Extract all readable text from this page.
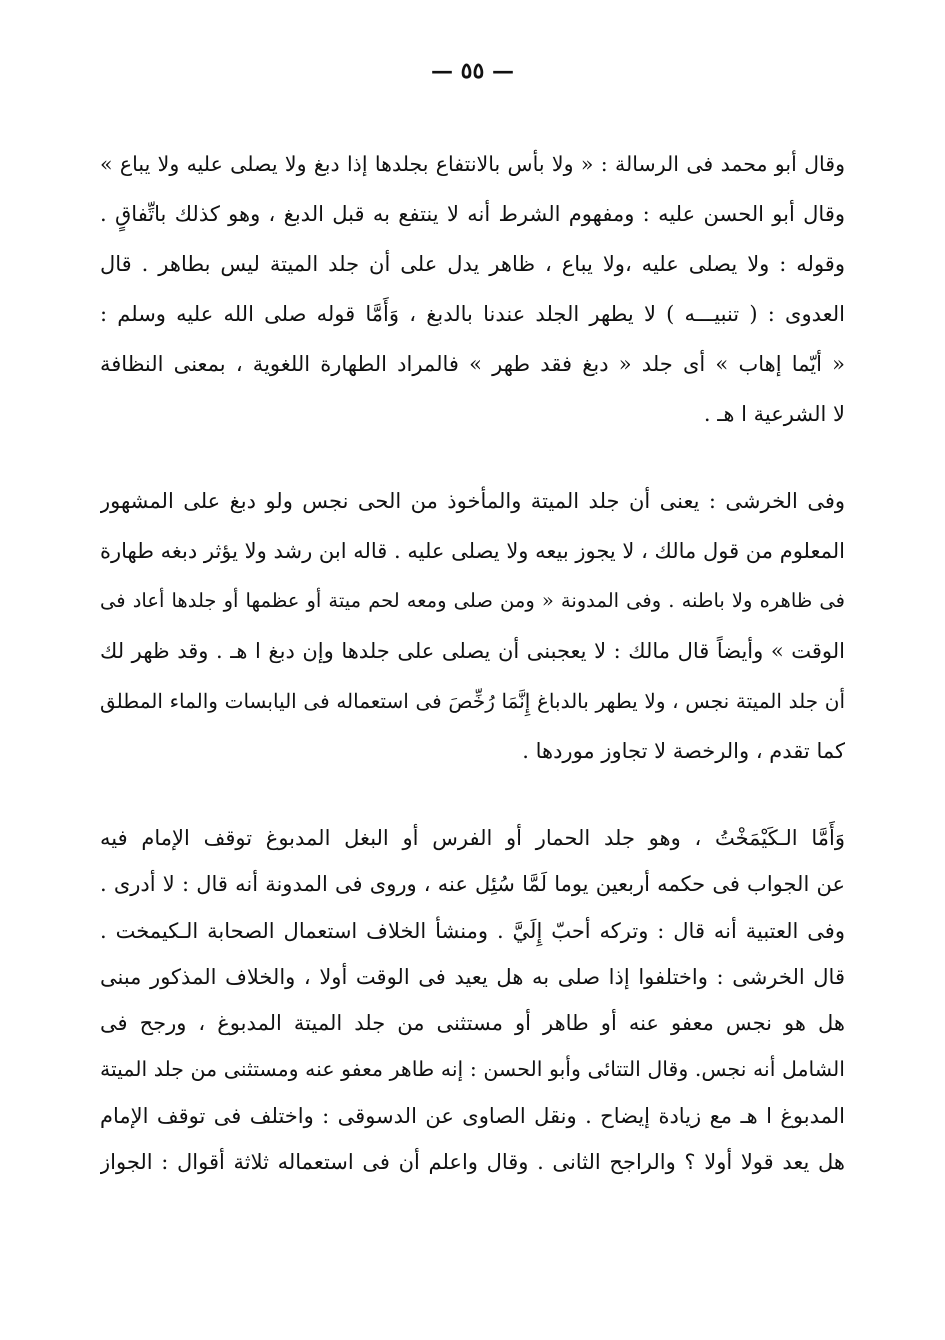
— ٥٥ —
وقال أبو محمد فى الرسالة : « ولا بأس بالانتفاع بجلدها إذا دبغ ولا يصلى عليه ولا يباع »
وقال أبو الحسن عليه : ومفهوم الشرط أنه لا ينتفع به قبل الدبغ ، وهو كذلك باتِّفاقٍ .
وقوله : ولا يصلى عليه ،ولا يباع ، ظاهر يدل على أن جلد الميتة ليس بطاهر . قال
العدوى : ( تنبيـــه ) لا يطهر الجلد عندنا بالدبغ ، وَأَمَّا قوله صلى الله عليه وسلم :
« أيّما إهاب » أى جلد « دبغ فقد طهر » فالمراد الطهارة اللغوية ، بمعنى النظافة
لا الشرعية ا هـ .
وفى الخرشى : يعنى أن جلد الميتة والمأخوذ من الحى نجس ولو دبغ على المشهور
المعلوم من قول مالك ، لا يجوز بيعه ولا يصلى عليه . قاله ابن رشد ولا يؤثر دبغه طهارة
فى ظاهره ولا باطنه . وفى المدونة « ومن صلى ومعه لحم ميتة أو عظمها أو جلدها أعاد فى
الوقت » وأيضاً قال مالك : لا يعجبنى أن يصلى على جلدها وإن دبغ ا هـ . وقد ظهر لك
أن جلد الميتة نجس ، ولا يطهر بالدباغ إِنَّمَا رُخِّصَ فى استعماله فى اليابسات والماء المطلق
كما تقدم ، والرخصة لا تجاوز موردها .
وَأَمَّا الـكَيْمَخْتُ ، وهو جلد الحمار أو الفرس أو البغل المدبوغ توقف الإمام فيه
عن الجواب فى حكمه أربعين يوما لَمَّا سُئِل عنه ، وروى فى المدونة أنه قال : لا أدرى .
وفى العتبية أنه قال : وتركه أحبّ إِلَيَّ . ومنشأ الخلاف استعمال الصحابة الـكيمخت .
قال الخرشى : واختلفوا إذا صلى به هل يعيد فى الوقت أولا ، والخلاف المذكور مبنى
هل هو نجس معفو عنه أو طاهر أو مستثنى من جلد الميتة المدبوغ ، ورجح فى
الشامل أنه نجس. وقال التتائى وأبو الحسن : إنه طاهر معفو عنه ومستثنى من جلد الميتة
المدبوغ ا هـ مع زيادة إيضاح . ونقل الصاوى عن الدسوقى : واختلف فى توقف الإمام
هل يعد قولا أولا ؟ والراجح الثانى . وقال واعلم أن فى استعماله ثلاثة أقوال : الجواز
